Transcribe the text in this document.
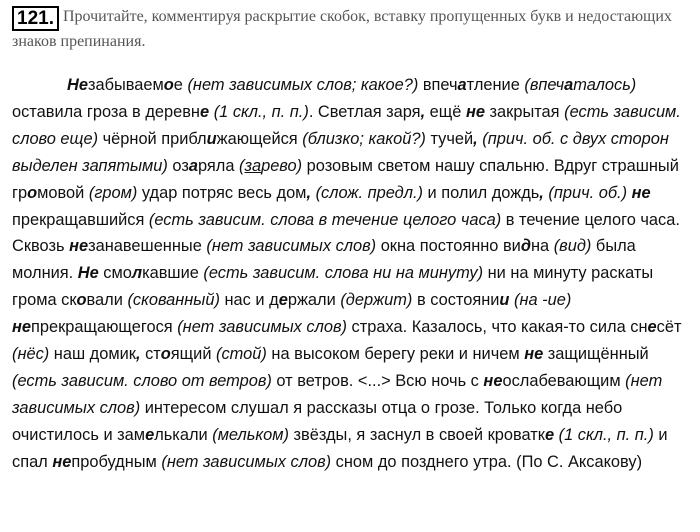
121. Прочитайте, комментируя раскрытие скобок, вставку пропущенных букв и недостающих знаков препинания.
Незабываемое (нет зависимых слов; какое?) впечатление (впечаталось) оставила гроза в деревне (1 скл., п. п.). Светлая заря, ещё не закрытая (есть зависим. слово еще) чёрной приближающейся (близко; какой?) тучей, (прич. об. с двух сторон выделен запятыми) озаряла (зарево) розовым светом нашу спальню. Вдруг страшный громовой (гром) удар потряс весь дом, (слож. предл.) и полил дождь, (прич. об.) не прекращавшийся (есть зависим. слова в течение целого часа) в течение целого часа. Сквозь незанавешенные (нет зависимых слов) окна постоянно видна (вид) была молния. Не смолкавшие (есть зависим. слова ни на минуту) ни на минуту раскаты грома сковали (скованный) нас и держали (держит) в состоянии (на -ие) непрекращающегося (нет зависимых слов) страха. Казалось, что какая-то сила снесёт (нёс) наш домик, стоящий (стой) на высоком берегу реки и ничем не защищённый (есть зависим. слово от ветров) от ветров. <...> Всю ночь с неослабевающим (нет зависимых слов) интересом слушал я рассказы отца о грозе. Только когда небо очистилось и замелькали (мельком) звёзды, я заснул в своей кроватке (1 скл., п. п.) и спал непробудным (нет зависимых слов) сном до позднего утра. (По С. Аксакову)
